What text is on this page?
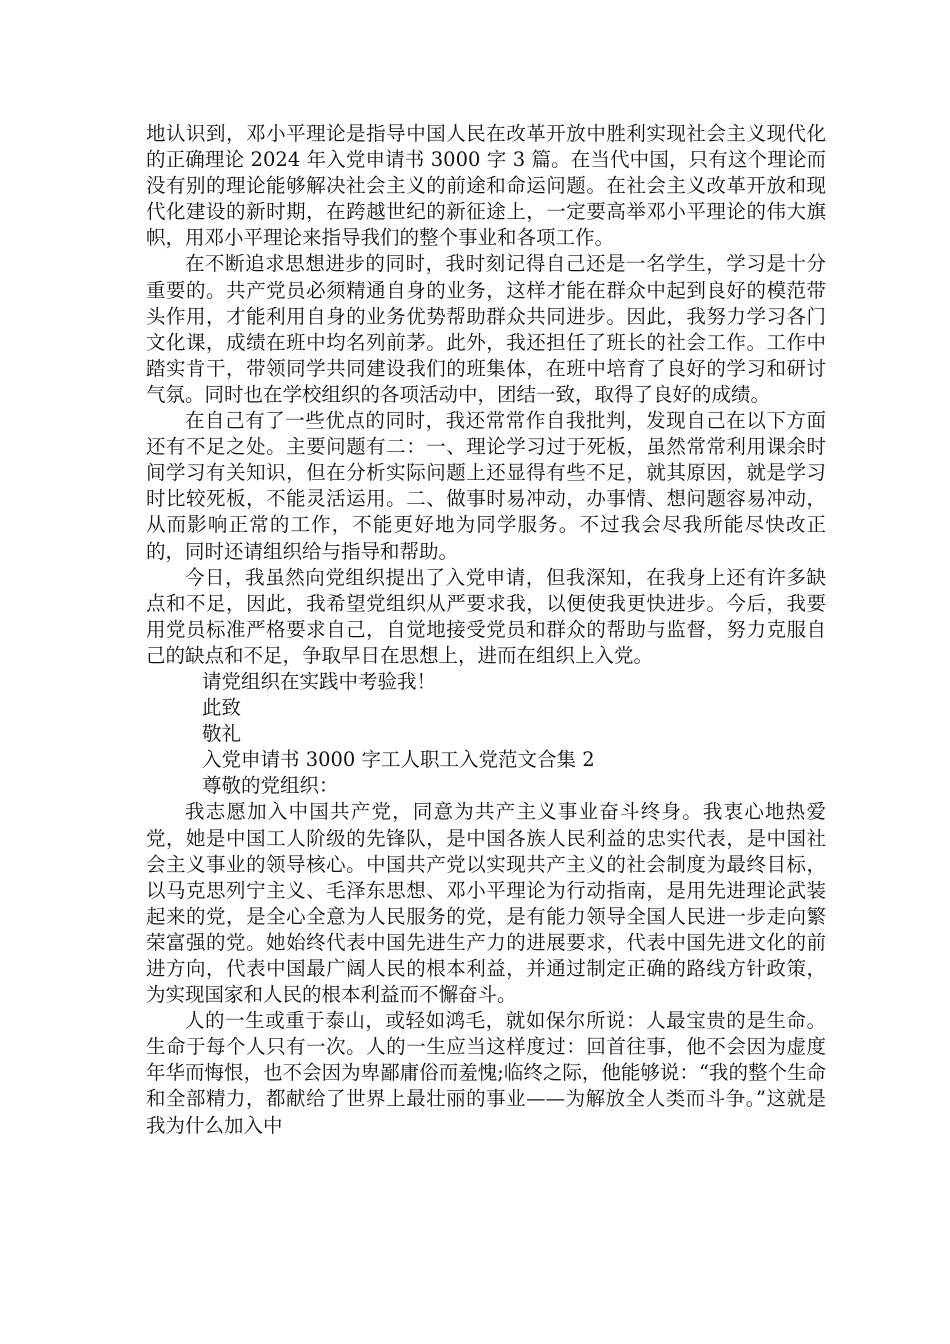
地认识到，邓小平理论是指导中国人民在改革开放中胜利实现社会主义现代化的正确理论 2024 年入党申请书 3000 字 3 篇。在当代中国，只有这个理论而没有别的理论能够解决社会主义的前途和命运问题。在社会主义改革开放和现代化建设的新时期，在跨越世纪的新征途上，一定要高举邓小平理论的伟大旗帜，用邓小平理论来指导我们的整个事业和各项工作。

在不断追求思想进步的同时，我时刻记得自己还是一名学生，学习是十分重要的。共产党员必须精通自身的业务，这样才能在群众中起到良好的模范带头作用，才能利用自身的业务优势帮助群众共同进步。因此，我努力学习各门文化课，成绩在班中均名列前茅。此外，我还担任了班长的社会工作。工作中踏实肯干，带领同学共同建设我们的班集体，在班中培育了良好的学习和研讨气氛。同时也在学校组织的各项活动中，团结一致，取得了良好的成绩。

在自己有了一些优点的同时，我还常常作自我批判，发现自己在以下方面还有不足之处。主要问题有二：一、理论学习过于死板，虽然常常利用课余时间学习有关知识，但在分析实际问题上还显得有些不足，就其原因，就是学习时比较死板，不能灵活运用。二、做事时易冲动，办事情、想问题容易冲动，从而影响正常的工作，不能更好地为同学服务。不过我会尽我所能尽快改正的，同时还请组织给与指导和帮助。

今日，我虽然向党组织提出了入党申请，但我深知，在我身上还有许多缺点和不足，因此，我希望党组织从严要求我，以便使我更快进步。今后，我要用党员标准严格要求自己，自觉地接受党员和群众的帮助与监督，努力克服自己的缺点和不足，争取早日在思想上，进而在组织上入党。

请党组织在实践中考验我！

此致

敬礼

入党申请书 3000 字工人职工入党范文合集 2

尊敬的党组织：

我志愿加入中国共产党，同意为共产主义事业奋斗终身。我衷心地热爱党，她是中国工人阶级的先锋队，是中国各族人民利益的忠实代表，是中国社会主义事业的领导核心。中国共产党以实现共产主义的社会制度为最终目标，以马克思列宁主义、毛泽东思想、邓小平理论为行动指南，是用先进理论武装起来的党，是全心全意为人民服务的党，是有能力领导全国人民进一步走向繁荣富强的党。她始终代表中国先进生产力的进展要求，代表中国先进文化的前进方向，代表中国最广阔人民的根本利益，并通过制定正确的路线方针政策，为实现国家和人民的根本利益而不懈奋斗。

人的一生或重于泰山，或轻如鸿毛，就如保尔所说：人最宝贵的是生命。生命于每个人只有一次。人的一生应当这样度过：回首往事，他不会因为虚度年华而悔恨，也不会因为卑鄙庸俗而羞愧;临终之际，他能够说：“我的整个生命和全部精力，都献给了世界上最壮丽的事业——为解放全人类而斗争。”这就是我为什么加入中
